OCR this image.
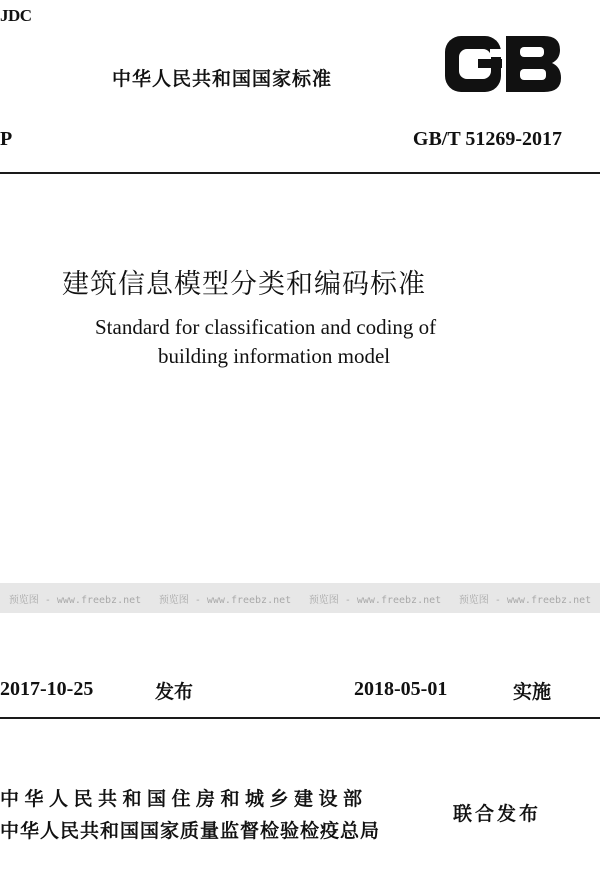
JDC
中华人民共和国国家标准
P	GB/T 51269-2017
建筑信息模型分类和编码标准
Standard for classification and coding of
building information model
预览图 - www.freebz.net 预览图 - www.freebz.net 预览图 - www.freebz.net 预览图 - www.freebz.net
2017-10-25	发布	2018-05-01	实施
中华人民共和国住房和城乡建设部
中华人民共和国国家质量监督检验检疫总局
联合发布
